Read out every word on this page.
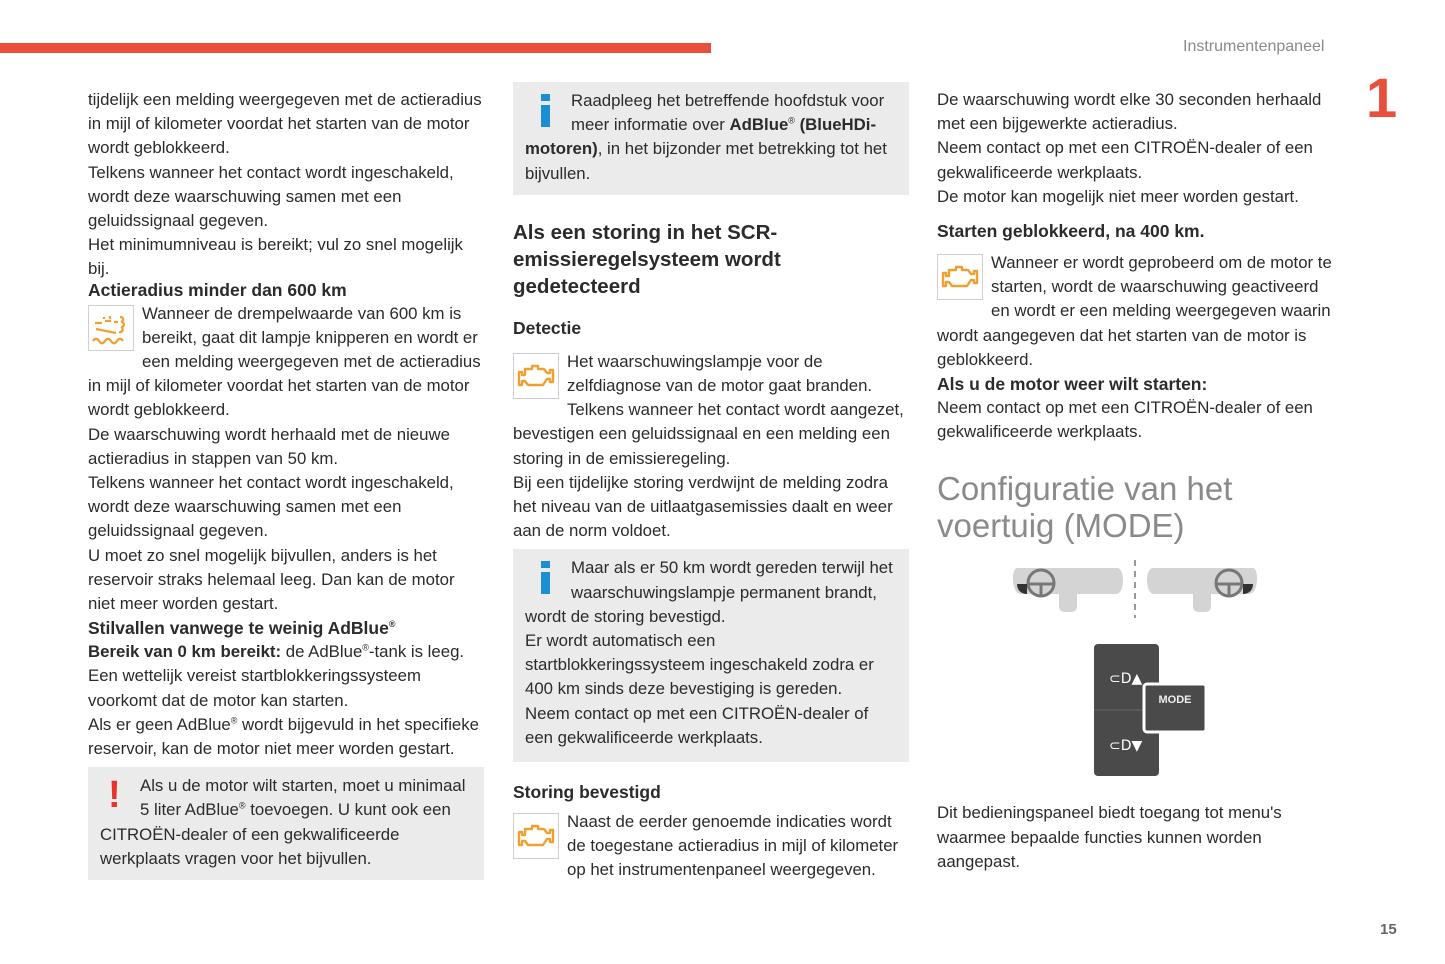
Instrumentenpaneel
1
15

tijdelijk een melding weergegeven met de actieradius in mijl of kilometer voordat het starten van de motor wordt geblokkeerd.

Telkens wanneer het contact wordt ingeschakeld, wordt deze waarschuwing samen met een geluidssignaal gegeven.

Het minimumniveau is bereikt; vul zo snel mogelijk bij.

Actieradius minder dan 600 km

Wanneer de drempelwaarde van 600 km is bereikt, gaat dit lampje knipperen en wordt er een melding weergegeven met de actieradius in mijl of kilometer voordat het starten van de motor wordt geblokkeerd.

De waarschuwing wordt herhaald met de nieuwe actieradius in stappen van 50 km.

Telkens wanneer het contact wordt ingeschakeld, wordt deze waarschuwing samen met een geluidssignaal gegeven.

U moet zo snel mogelijk bijvullen, anders is het reservoir straks helemaal leeg. Dan kan de motor niet meer worden gestart.

Stilvallen vanwege te weinig AdBlue®

Bereik van 0 km bereikt: de AdBlue®-tank is leeg. Een wettelijk vereist startblokkeringssysteem voorkomt dat de motor kan starten.

Als er geen AdBlue® wordt bijgevuld in het specifieke reservoir, kan de motor niet meer worden gestart.

!	Als u de motor wilt starten, moet u minimaal 5 liter AdBlue® toevoegen. U kunt ook een CITROËN-dealer of een gekwalificeerde werkplaats vragen voor het bijvullen.

Raadpleeg het betreffende hoofdstuk voor meer informatie over AdBlue® (BlueHDi-motoren), in het bijzonder met betrekking tot het bijvullen.

Als een storing in het SCR-emissieregelsysteem wordt gedetecteerd
Detectie

Het waarschuwingslampje voor de zelfdiagnose van de motor gaat branden.

Telkens wanneer het contact wordt aangezet, bevestigen een geluidssignaal en een melding een storing in de emissieregeling.

Bij een tijdelijke storing verdwijnt de melding zodra het niveau van de uitlaatgasemissies daalt en weer aan de norm voldoet.

Maar als er 50 km wordt gereden terwijl het waarschuwingslampje permanent brandt, wordt de storing bevestigd.

Er wordt automatisch een startblokkeringssysteem ingeschakeld zodra er 400 km sinds deze bevestiging is gereden.

Neem contact op met een CITROËN-dealer of een gekwalificeerde werkplaats.

Storing bevestigd

Naast de eerder genoemde indicaties wordt de toegestane actieradius in mijl of kilometer op het instrumentenpaneel weergegeven.

De waarschuwing wordt elke 30 seconden herhaald met een bijgewerkte actieradius.

Neem contact op met een CITROËN-dealer of een gekwalificeerde werkplaats.

De motor kan mogelijk niet meer worden gestart.

Starten geblokkeerd, na 400 km.

Wanneer er wordt geprobeerd om de motor te starten, wordt de waarschuwing geactiveerd en wordt er een melding weergegeven waarin wordt aangegeven dat het starten van de motor is geblokkeerd.

Als u de motor weer wilt starten:

Neem contact op met een CITROËN-dealer of een gekwalificeerde werkplaats.

Configuratie van het voertuig (MODE)
⊂D▲
⊂D▼
MODE

Dit bedieningspaneel biedt toegang tot menu's waarmee bepaalde functies kunnen worden aangepast.
